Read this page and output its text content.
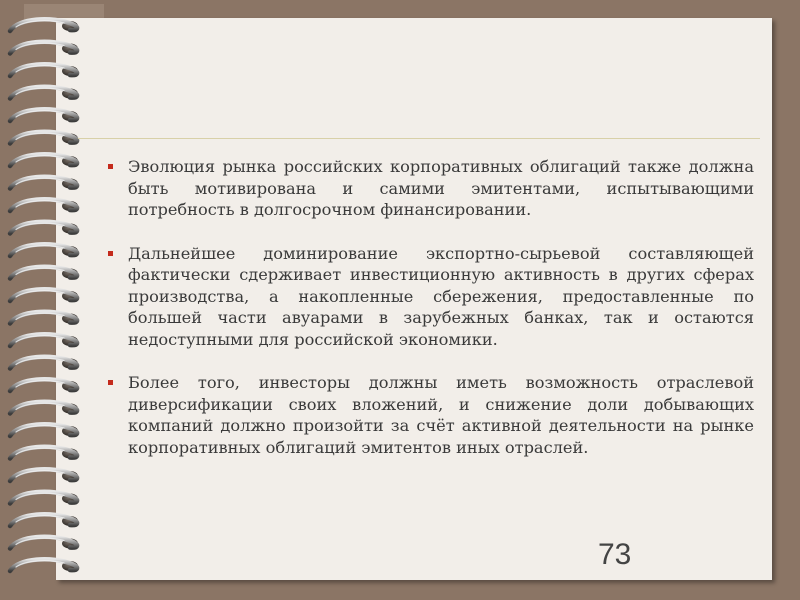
Эволюция рынка российских корпоративных облигаций также должна быть мотивирована и самими эмитентами, испытывающими потребность в долгосрочном финансировании.
Дальнейшее доминирование экспортно-сырьевой составляющей фактически сдерживает инвестиционную активность в других сферах производства, а накопленные сбережения, предоставленные по большей части авуарами в зарубежных банках, так и остаются недоступными для российской экономики.
Более того, инвесторы должны иметь возможность отраслевой диверсификации своих вложений, и снижение доли добывающих компаний должно произойти за счёт активной деятельности на рынке корпоративных облигаций эмитентов иных отраслей.
73
